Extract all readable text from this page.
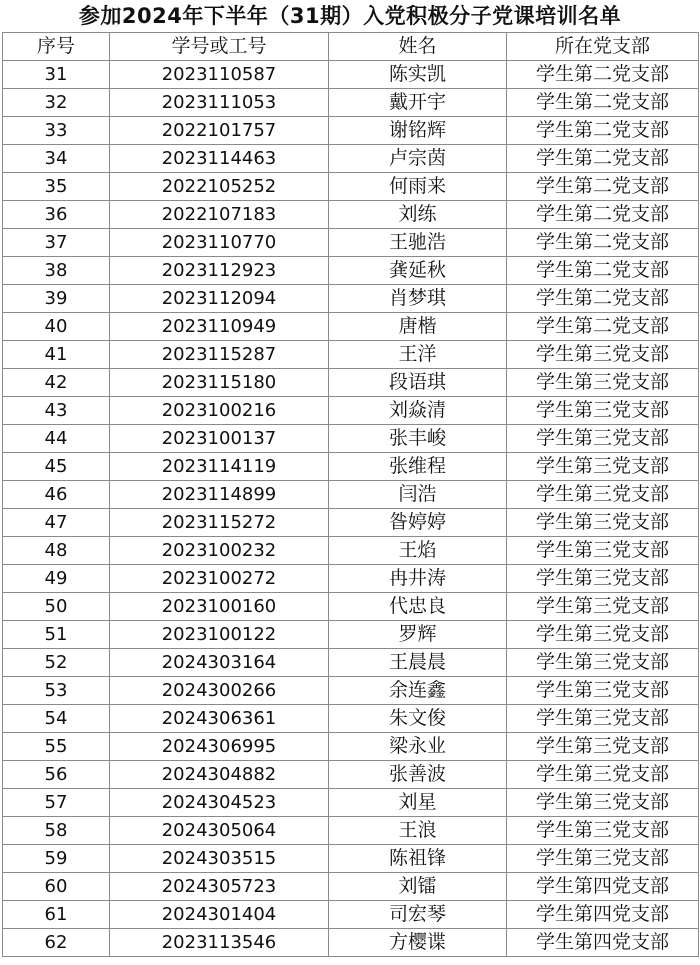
参加2024年下半年（31期）入党积极分子党课培训名单
序号	学号或工号	姓名	所在党支部
31	2023110587	陈实凯	学生第二党支部
32	2023111053	戴开宇	学生第二党支部
33	2022101757	谢铭辉	学生第二党支部
34	2023114463	卢宗茵	学生第二党支部
35	2022105252	何雨来	学生第二党支部
36	2022107183	刘练	学生第二党支部
37	2023110770	王驰浩	学生第二党支部
38	2023112923	龚延秋	学生第二党支部
39	2023112094	肖梦琪	学生第二党支部
40	2023110949	唐楷	学生第二党支部
41	2023115287	王洋	学生第三党支部
42	2023115180	段语琪	学生第三党支部
43	2023100216	刘焱清	学生第三党支部
44	2023100137	张丰峻	学生第三党支部
45	2023114119	张维程	学生第三党支部
46	2023114899	闫浩	学生第三党支部
47	2023115272	昝婷婷	学生第三党支部
48	2023100232	王焰	学生第三党支部
49	2023100272	冉井涛	学生第三党支部
50	2023100160	代忠良	学生第三党支部
51	2023100122	罗辉	学生第三党支部
52	2024303164	王晨晨	学生第三党支部
53	2024300266	余连鑫	学生第三党支部
54	2024306361	朱文俊	学生第三党支部
55	2024306995	梁永业	学生第三党支部
56	2024304882	张善波	学生第三党支部
57	2024304523	刘星	学生第三党支部
58	2024305064	王浪	学生第三党支部
59	2024303515	陈祖锋	学生第三党支部
60	2024305723	刘镭	学生第四党支部
61	2024301404	司宏琴	学生第四党支部
62	2023113546	方樱谍	学生第四党支部
